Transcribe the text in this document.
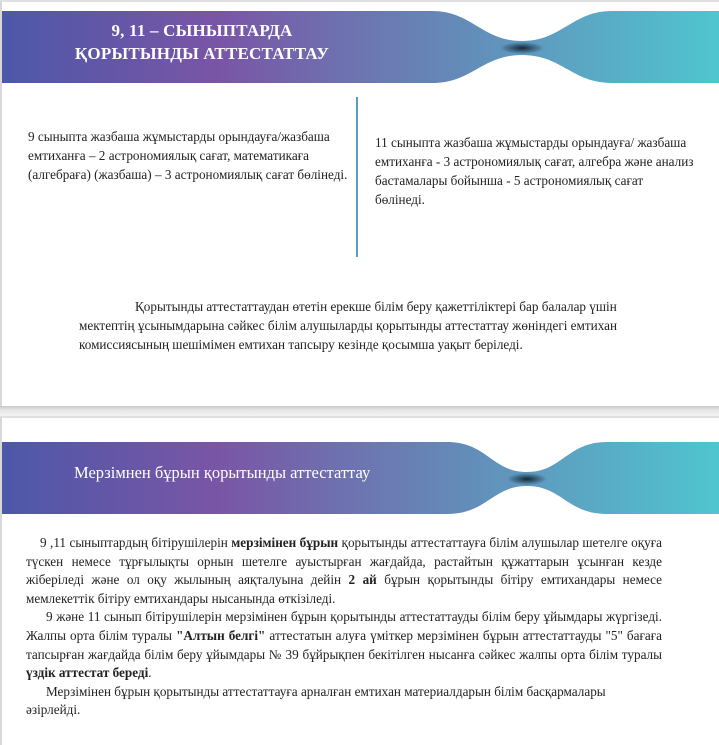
9, 11 – СЫНЫПТАРДА
ҚОРЫТЫНДЫ АТТЕСТАТТАУ
9 сыныпта жазбаша жұмыстарды орындауға/жазбаша емтиханға – 2 астрономиялық сағат, математикаға (алгебраға) (жазбаша) – 3 астрономиялық сағат бөлінеді.
11 сыныпта жазбаша жұмыстарды орындауға/ жазбаша емтиханға - 3 астрономиялық сағат, алгебра және анализ бастамалары бойынша - 5 астрономиялық сағат бөлінеді.
Қорытынды аттестаттаудан өтетін ерекше білім беру қажеттіліктері бар балалар үшін мектептің ұсынымдарына сәйкес білім алушыларды қорытынды аттестаттау жөніндегі емтихан комиссиясының шешімімен емтихан тапсыру кезінде қосымша уақыт беріледі.
Мерзімнен бұрын қорытынды аттестаттау

9 ,11 сыныптардың бітірушілерін мерзімінен бұрын қорытынды аттестаттауға білім алушылар шетелге оқуға түскен немесе тұрғылықты орнын шетелге ауыстырған жағдайда, растайтын құжаттарын ұсынған кезде жіберіледі және ол оқу жылының аяқталуына дейін 2 ай бұрын қорытынды бітіру емтихандары немесе мемлекеттік бітіру емтихандары нысанында өткізіледі.

9 және 11 сынып бітірушілерін мерзімінен бұрын қорытынды аттестаттауды білім беру ұйымдары жүргізеді. Жалпы орта білім туралы "Алтын белгі" аттестатын алуға үміткер мерзімінен бұрын аттестаттауды "5" бағаға тапсырған жағдайда білім беру ұйымдары № 39 бұйрықпен бекітілген нысанға сәйкес жалпы орта білім туралы үздік аттестат береді.

Мерзімінен бұрын қорытынды аттестаттауға арналған емтихан материалдарын білім басқармалары әзірлейді.
